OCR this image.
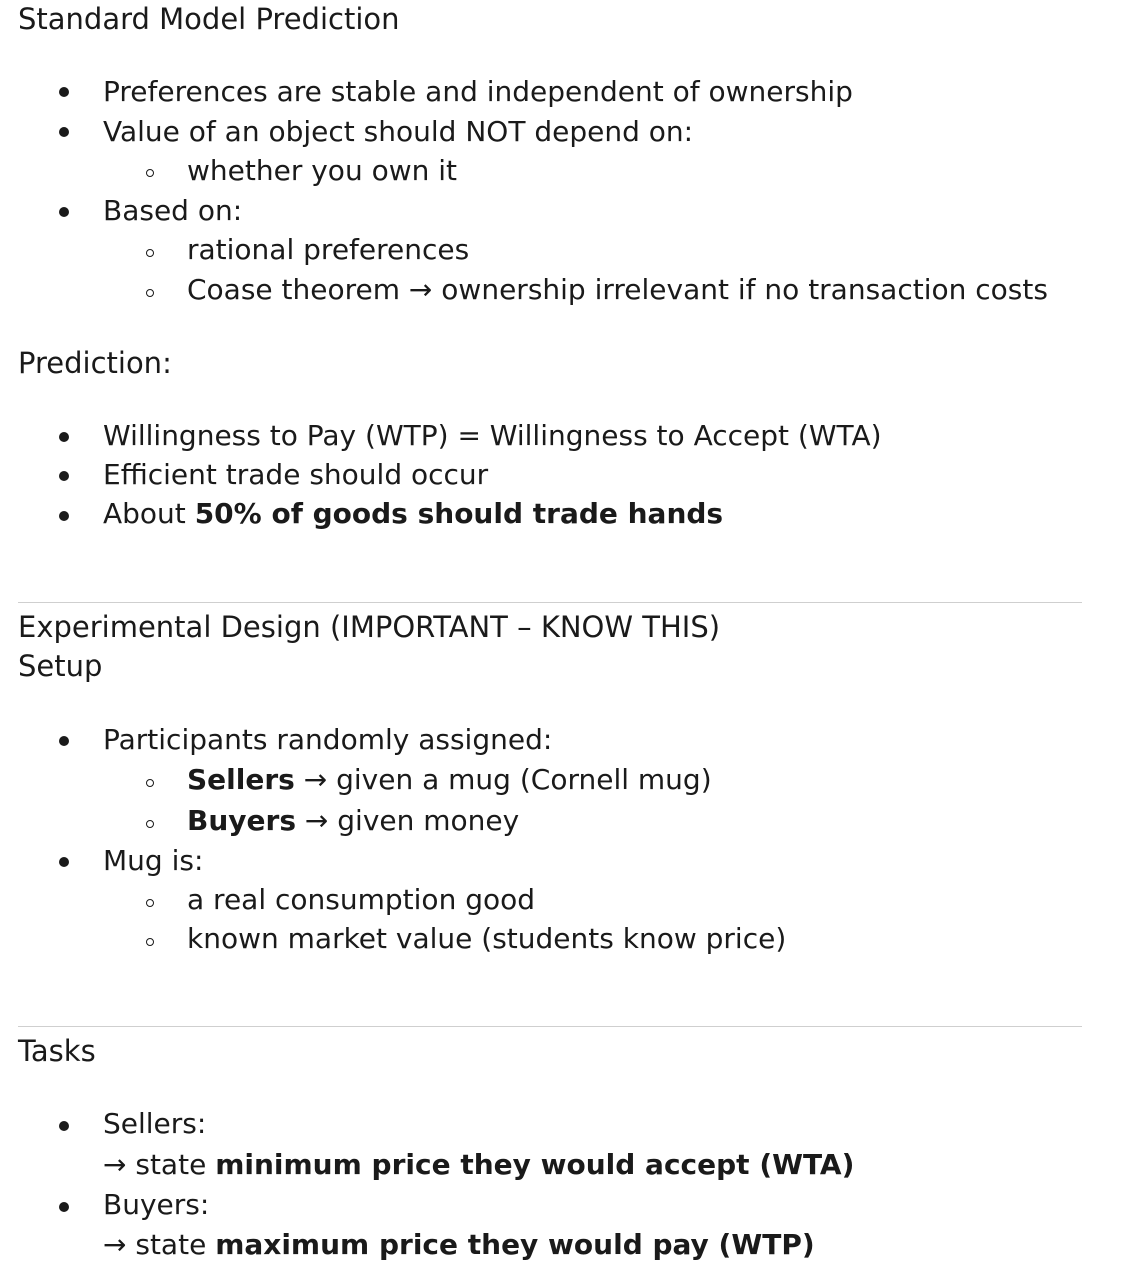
Standard Model Prediction
Preferences are stable and independent of ownership
Value of an object should NOT depend on:
whether you own it
Based on:
rational preferences
Coase theorem → ownership irrelevant if no transaction costs
Prediction:
Willingness to Pay (WTP) = Willingness to Accept (WTA)
Efficient trade should occur
About 50% of goods should trade hands
Experimental Design (IMPORTANT – KNOW THIS)
Setup
Participants randomly assigned:
Sellers → given a mug (Cornell mug)
Buyers → given money
Mug is:
a real consumption good
known market value (students know price)
Tasks
Sellers:
→ state minimum price they would accept (WTA)
Buyers:
→ state maximum price they would pay (WTP)
